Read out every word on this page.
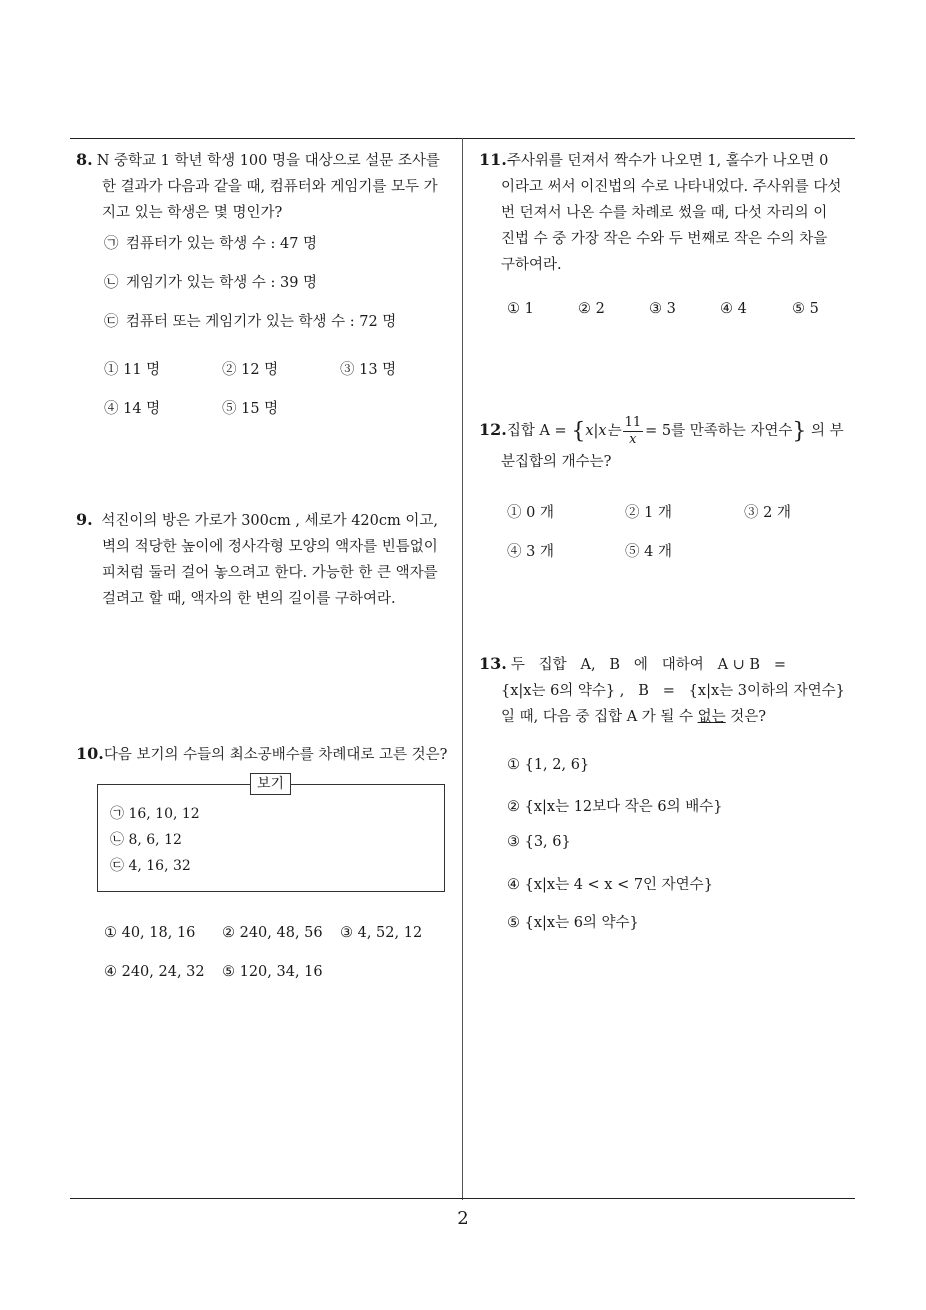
8. N 중학교 1 학년 학생 100 명을 대상으로 설문 조사를
한 결과가 다음과 같을 때, 컴퓨터와 게임기를 모두 가
지고 있는 학생은 몇 명인가?

㉠ 컴퓨터가 있는 학생 수 : 47 명
㉡ 게임기가 있는 학생 수 : 39 명
㉢ 컴퓨터 또는 게임기가 있는 학생 수 : 72 명
① 11 명	② 12 명	③ 13 명
④ 14 명	⑤ 15 명

9. 석진이의 방은 가로가 300cm , 세로가 420cm 이고,
벽의 적당한 높이에 정사각형 모양의 액자를 빈틈없이
피처럼 둘러 걸어 놓으려고 한다. 가능한 한 큰 액자를
걸려고 할 때, 액자의 한 변의 길이를 구하여라.

10.다음 보기의 수들의 최소공배수를 차례대로 고른 것은?

보기
㉠ 16, 10, 12
㉡ 8, 6, 12
㉢ 4, 16, 32
① 40, 18, 16 ② 240, 48, 56 ③ 4, 52, 12
④ 240, 24, 32 ⑤ 120, 34, 16

11.주사위를 던져서 짝수가 나오면 1, 홀수가 나오면 0
이라고 써서 이진법의 수로 나타내었다. 주사위를 다섯
번 던져서 나온 수를 차례로 썼을 때, 다섯 자리의 이
진법 수 중 가장 작은 수와 두 번째로 작은 수의 차을
구하여라.

① 1	② 2	③ 3	④ 4	⑤ 5
12.집합 A = {x|x는 $\frac{11}{x} = 5$를 만족하는 자연수} 의 부
분집합의 개수는?
① 0 개	② 1 개	③ 2 개
④ 3 개	⑤ 4 개

13. 두   집합   A,   B   에   대하여   A ∪ B   =
{x|x는 6의 약수} ,   B   =   {x|x는 3이하의 자연수}
일 때, 다음 중 집합 A 가 될 수 없는 것은?

① {1, 2, 6}
② {x|x는 12보다 작은 6의 배수}
③ {3, 6}
④ {x|x는 4 < x < 7인 자연수}
⑤ {x|x는 6의 약수}
2
